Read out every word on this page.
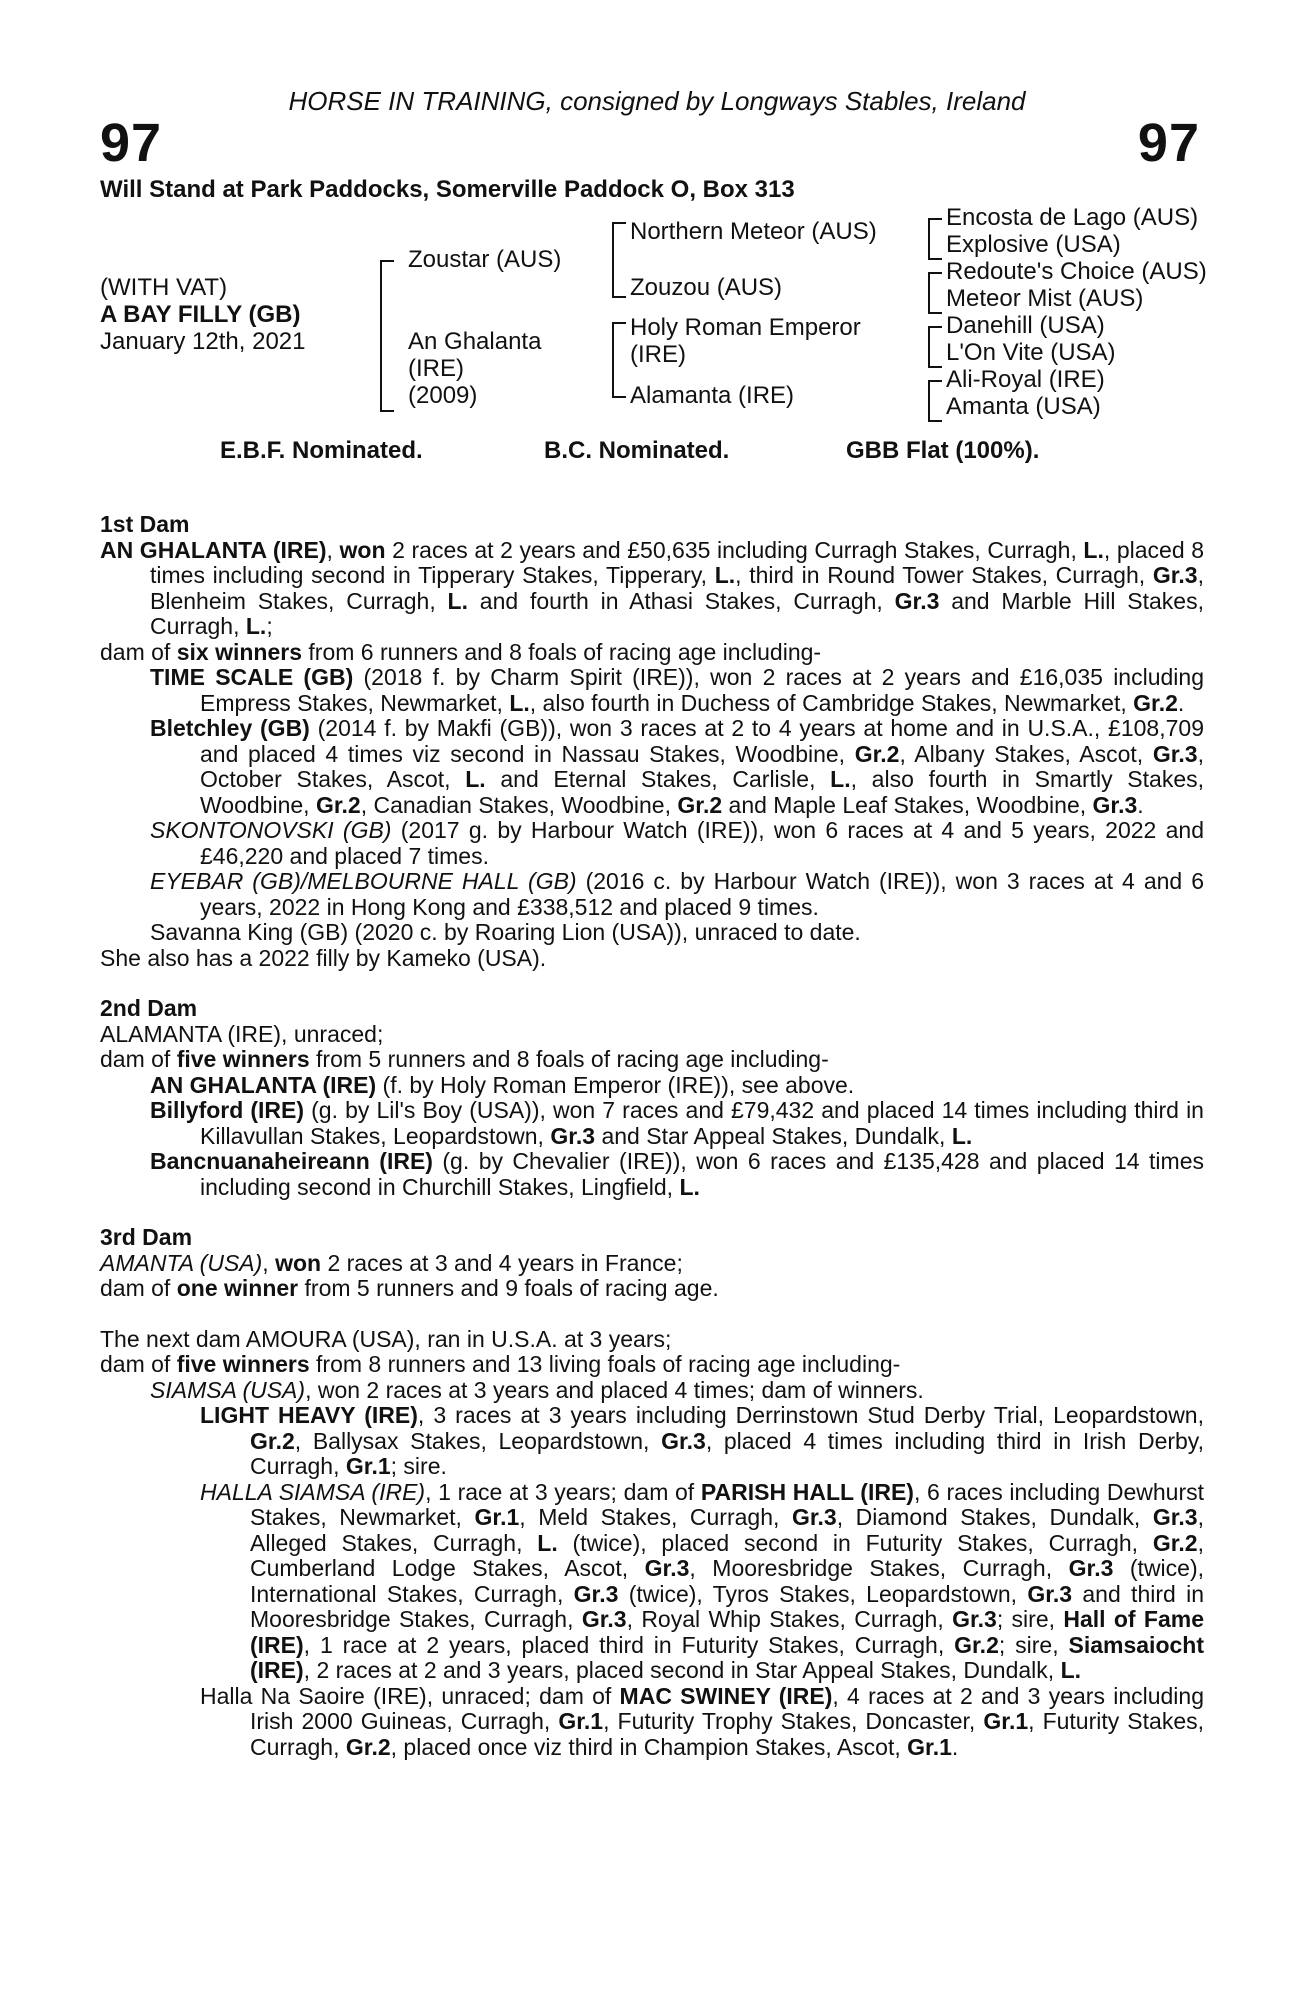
HORSE IN TRAINING, consigned by Longways Stables, Ireland
97	97
Will Stand at Park Paddocks, Somerville Paddock O, Box 313
(WITH VAT)
A BAY FILLY (GB)
January 12th, 2021
Zoustar (AUS)
An Ghalanta
(IRE)
(2009)
Northern Meteor (AUS)
Zouzou (AUS)
Holy Roman Emperor
(IRE)
Alamanta (IRE)
Encosta de Lago (AUS)
Explosive (USA)
Redoute's Choice (AUS)
Meteor Mist (AUS)
Danehill (USA)
L'On Vite (USA)
Ali-Royal (IRE)
Amanta (USA)
E.B.F. Nominated.	B.C. Nominated.	GBB Flat (100%).

1st Dam

AN GHALANTA (IRE), won 2 races at 2 years and £50,635 including Curragh Stakes, Curragh, L., placed 8 times including second in Tipperary Stakes, Tipperary, L., third in Round Tower Stakes, Curragh, Gr.3, Blenheim Stakes, Curragh, L. and fourth in Athasi Stakes, Curragh, Gr.3 and Marble Hill Stakes, Curragh, L.;

dam of six winners from 6 runners and 8 foals of racing age including-

TIME SCALE (GB) (2018 f. by Charm Spirit (IRE)), won 2 races at 2 years and £16,035 including Empress Stakes, Newmarket, L., also fourth in Duchess of Cambridge Stakes, Newmarket, Gr.2.

Bletchley (GB) (2014 f. by Makfi (GB)), won 3 races at 2 to 4 years at home and in U.S.A., £108,709 and placed 4 times viz second in Nassau Stakes, Woodbine, Gr.2, Albany Stakes, Ascot, Gr.3, October Stakes, Ascot, L. and Eternal Stakes, Carlisle, L., also fourth in Smartly Stakes, Woodbine, Gr.2, Canadian Stakes, Woodbine, Gr.2 and Maple Leaf Stakes, Woodbine, Gr.3.

SKONTONOVSKI (GB) (2017 g. by Harbour Watch (IRE)), won 6 races at 4 and 5 years, 2022 and £46,220 and placed 7 times.

EYEBAR (GB)/MELBOURNE HALL (GB) (2016 c. by Harbour Watch (IRE)), won 3 races at 4 and 6 years, 2022 in Hong Kong and £338,512 and placed 9 times.

Savanna King (GB) (2020 c. by Roaring Lion (USA)), unraced to date.

She also has a 2022 filly by Kameko (USA).

2nd Dam

ALAMANTA (IRE), unraced;

dam of five winners from 5 runners and 8 foals of racing age including-

AN GHALANTA (IRE) (f. by Holy Roman Emperor (IRE)), see above.

Billyford (IRE) (g. by Lil's Boy (USA)), won 7 races and £79,432 and placed 14 times including third in Killavullan Stakes, Leopardstown, Gr.3 and Star Appeal Stakes, Dundalk, L.

Bancnuanaheireann (IRE) (g. by Chevalier (IRE)), won 6 races and £135,428 and placed 14 times including second in Churchill Stakes, Lingfield, L.

3rd Dam

AMANTA (USA), won 2 races at 3 and 4 years in France;

dam of one winner from 5 runners and 9 foals of racing age.

The next dam AMOURA (USA), ran in U.S.A. at 3 years;

dam of five winners from 8 runners and 13 living foals of racing age including-

SIAMSA (USA), won 2 races at 3 years and placed 4 times; dam of winners.

LIGHT HEAVY (IRE), 3 races at 3 years including Derrinstown Stud Derby Trial, Leopardstown, Gr.2, Ballysax Stakes, Leopardstown, Gr.3, placed 4 times including third in Irish Derby, Curragh, Gr.1; sire.

HALLA SIAMSA (IRE), 1 race at 3 years; dam of PARISH HALL (IRE), 6 races including Dewhurst Stakes, Newmarket, Gr.1, Meld Stakes, Curragh, Gr.3, Diamond Stakes, Dundalk, Gr.3, Alleged Stakes, Curragh, L. (twice), placed second in Futurity Stakes, Curragh, Gr.2, Cumberland Lodge Stakes, Ascot, Gr.3, Mooresbridge Stakes, Curragh, Gr.3 (twice), International Stakes, Curragh, Gr.3 (twice), Tyros Stakes, Leopardstown, Gr.3 and third in Mooresbridge Stakes, Curragh, Gr.3, Royal Whip Stakes, Curragh, Gr.3; sire, Hall of Fame (IRE), 1 race at 2 years, placed third in Futurity Stakes, Curragh, Gr.2; sire, Siamsaiocht (IRE), 2 races at 2 and 3 years, placed second in Star Appeal Stakes, Dundalk, L.

Halla Na Saoire (IRE), unraced; dam of MAC SWINEY (IRE), 4 races at 2 and 3 years including Irish 2000 Guineas, Curragh, Gr.1, Futurity Trophy Stakes, Doncaster, Gr.1, Futurity Stakes, Curragh, Gr.2, placed once viz third in Champion Stakes, Ascot, Gr.1.
